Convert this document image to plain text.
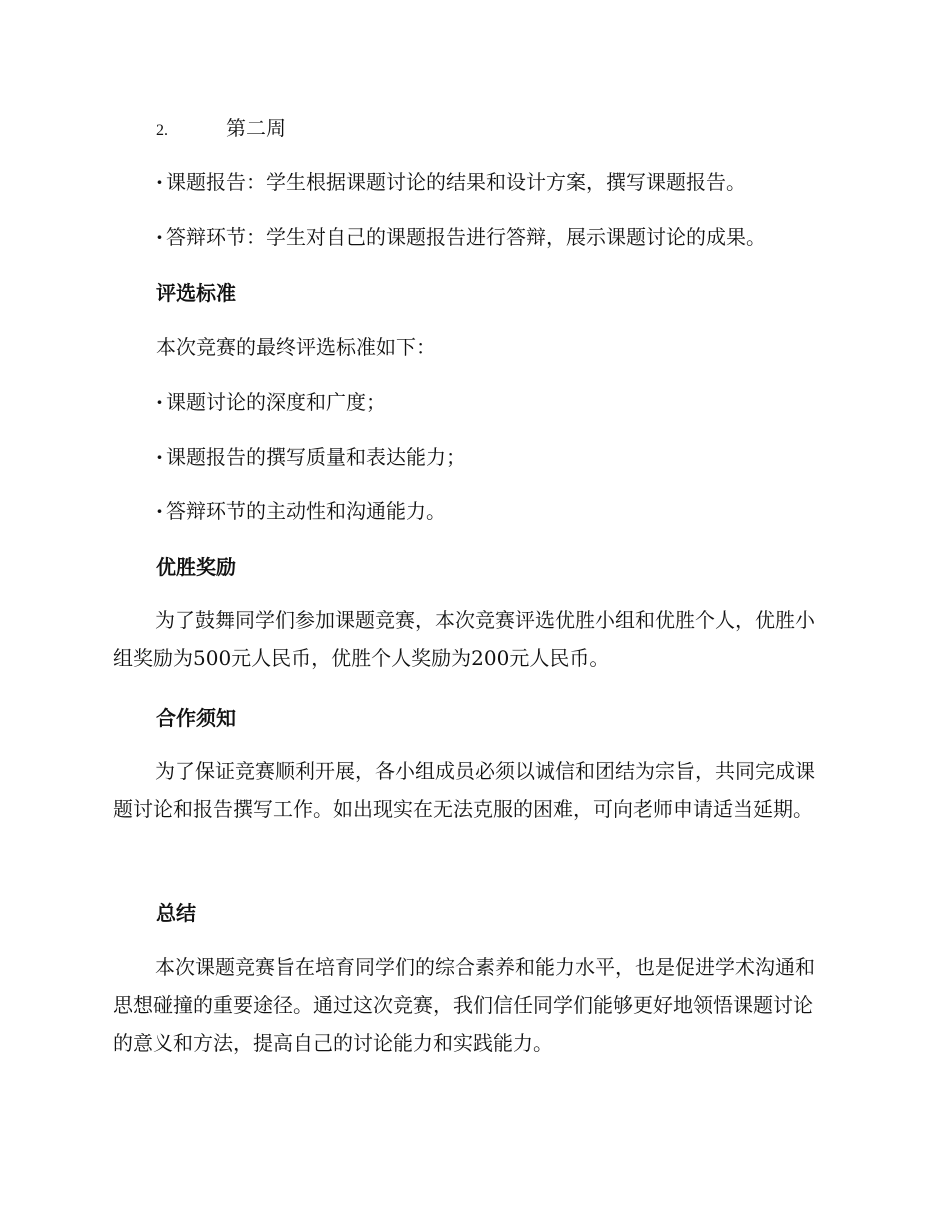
2.	第二周
· 课题报告：学生根据课题讨论的结果和设计方案，撰写课题报告。
· 答辩环节：学生对自己的课题报告进行答辩，展示课题讨论的成果。
评选标准
本次竞赛的最终评选标准如下：
· 课题讨论的深度和广度；
· 课题报告的撰写质量和表达能力；
· 答辩环节的主动性和沟通能力。
优胜奖励

为了鼓舞同学们参加课题竞赛，本次竞赛评选优胜小组和优胜个人，优胜小组奖励为500元人民币，优胜个人奖励为200元人民币。

合作须知

为了保证竞赛顺利开展，各小组成员必须以诚信和团结为宗旨，共同完成课题讨论和报告撰写工作。如出现实在无法克服的困难，可向老师申请适当延期。

总结

本次课题竞赛旨在培育同学们的综合素养和能力水平，也是促进学术沟通和思想碰撞的重要途径。通过这次竞赛，我们信任同学们能够更好地领悟课题讨论的意义和方法，提高自己的讨论能力和实践能力。
